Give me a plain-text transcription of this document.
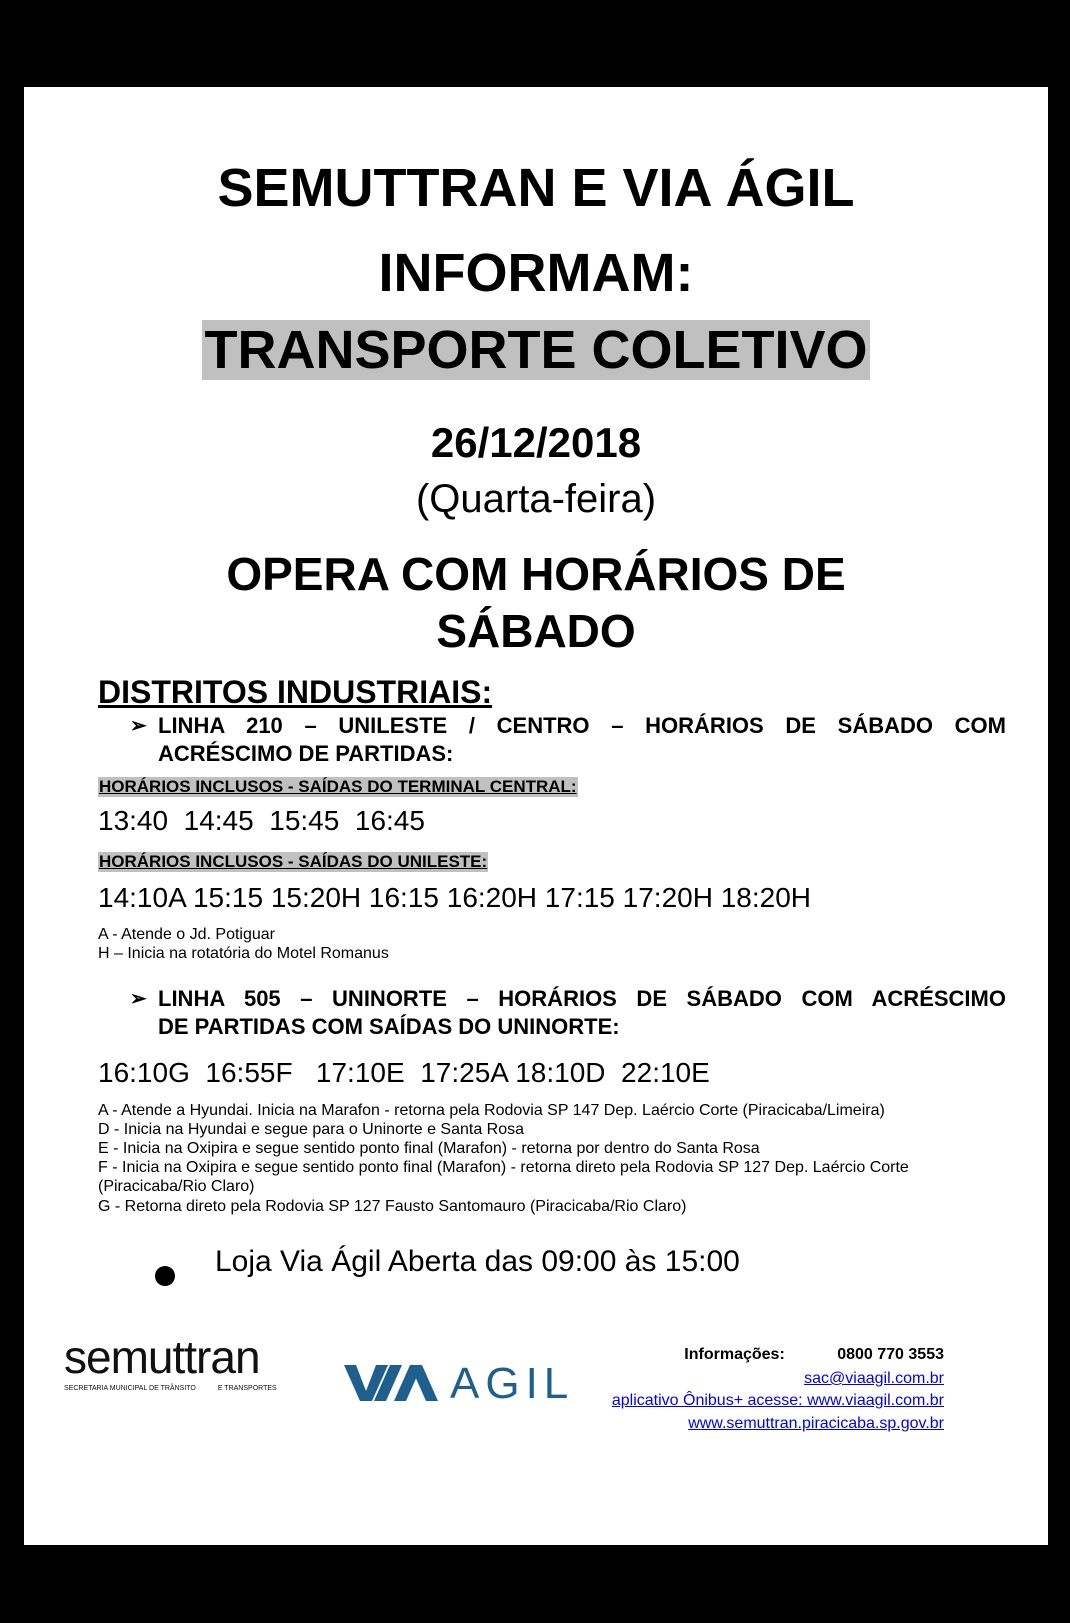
SEMUTTRAN E VIA ÁGIL
INFORMAM:
TRANSPORTE COLETIVO
26/12/2018
(Quarta-feira)
OPERA COM HORÁRIOS DE
SÁBADO
DISTRITOS INDUSTRIAIS:
➢ LINHA 210 – UNILESTE / CENTRO – HORÁRIOS DE SÁBADO COM
ACRÉSCIMO DE PARTIDAS:
HORÁRIOS INCLUSOS - SAÍDAS DO TERMINAL CENTRAL:
13:40  14:45  15:45  16:45
HORÁRIOS INCLUSOS - SAÍDAS DO UNILESTE:
14:10A 15:15 15:20H 16:15 16:20H 17:15 17:20H 18:20H
A - Atende o Jd. Potiguar
H – Inicia na rotatória do Motel Romanus
➢ LINHA 505 – UNINORTE – HORÁRIOS DE SÁBADO COM ACRÉSCIMO
DE PARTIDAS COM SAÍDAS DO UNINORTE:
16:10G  16:55F   17:10E  17:25A 18:10D  22:10E
A - Atende a Hyundai. Inicia na Marafon - retorna pela Rodovia SP 147 Dep. Laércio Corte (Piracicaba/Limeira)
D - Inicia na Hyundai e segue para o Uninorte e Santa Rosa
E - Inicia na Oxipira e segue sentido ponto final (Marafon) - retorna por dentro do Santa Rosa
F - Inicia na Oxipira e segue sentido ponto final (Marafon) - retorna direto pela Rodovia SP 127 Dep. Laércio Corte
(Piracicaba/Rio Claro)
G - Retorna direto pela Rodovia SP 127 Fausto Santomauro (Piracicaba/Rio Claro)
Loja Via Ágil Aberta das 09:00 às 15:00
semuttran
SECRETARIA MUNICIPAL DE TRÂNSITO	E TRANSPORTES	AGIL
Informações:	0800 770 3553
sac@viaagil.com.br
aplicativo Ônibus+ acesse: www.viaagil.com.br
www.semuttran.piracicaba.sp.gov.br
